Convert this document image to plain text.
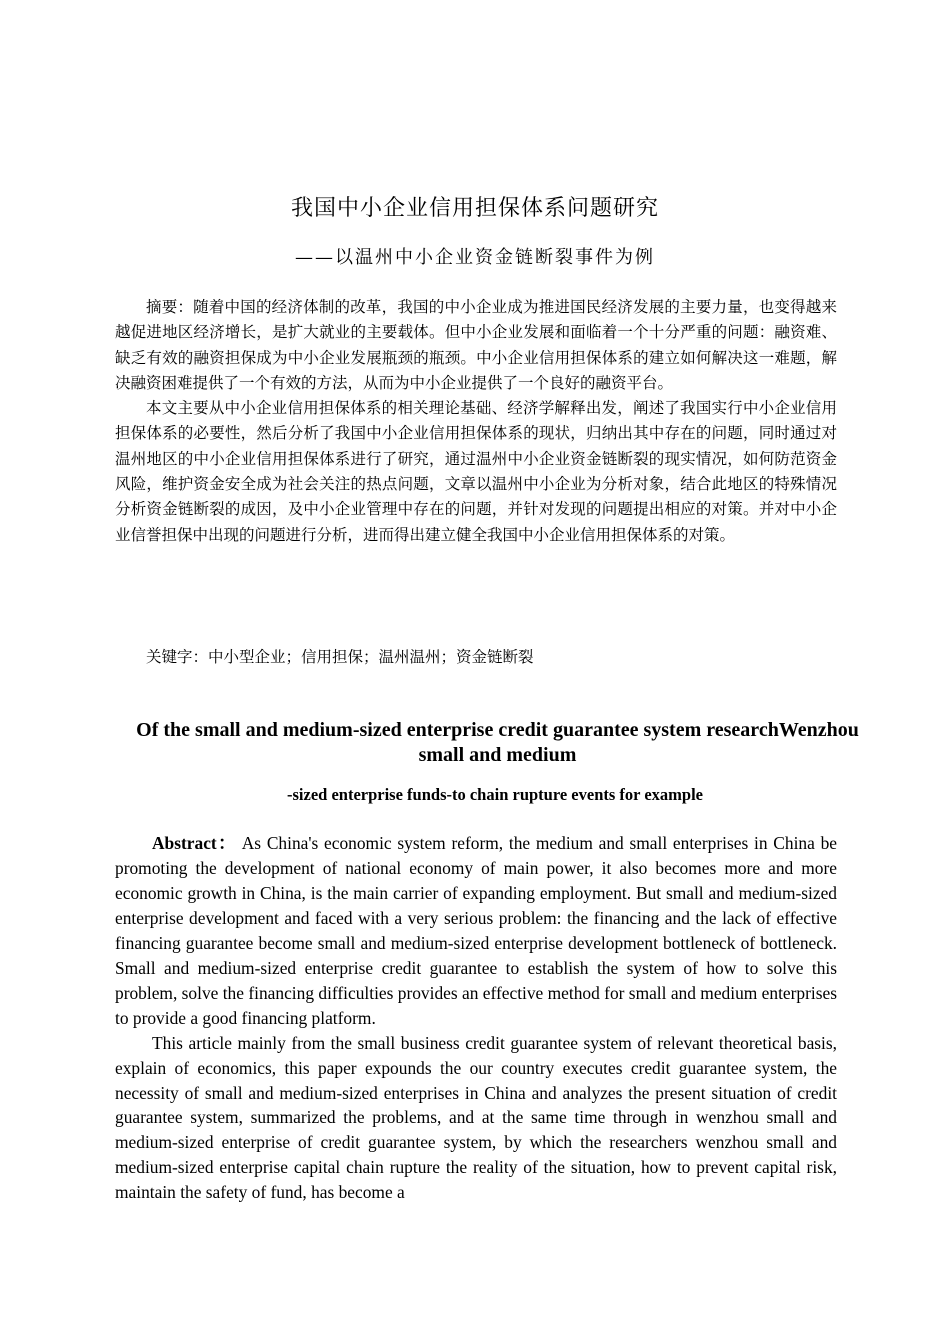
我国中小企业信用担保体系问题研究
——以温州中小企业资金链断裂事件为例

摘要：随着中国的经济体制的改革，我国的中小企业成为推进国民经济发展的主要力量，也变得越来越促进地区经济增长，是扩大就业的主要载体。但中小企业发展和面临着一个十分严重的问题：融资难、缺乏有效的融资担保成为中小企业发展瓶颈的瓶颈。中小企业信用担保体系的建立如何解决这一难题，解决融资困难提供了一个有效的方法，从而为中小企业提供了一个良好的融资平台。

本文主要从中小企业信用担保体系的相关理论基础、经济学解释出发，阐述了我国实行中小企业信用担保体系的必要性，然后分析了我国中小企业信用担保体系的现状，归纳出其中存在的问题，同时通过对温州地区的中小企业信用担保体系进行了研究，通过温州中小企业资金链断裂的现实情况，如何防范资金风险，维护资金安全成为社会关注的热点问题，文章以温州中小企业为分析对象，结合此地区的特殊情况分析资金链断裂的成因，及中小企业管理中存在的问题，并针对发现的问题提出相应的对策。并对中小企业信誉担保中出现的问题进行分析，进而得出建立健全我国中小企业信用担保体系的对策。

关键字：中小型企业；信用担保；温州温州；资金链断裂
Of the small and medium-sized enterprise credit guarantee system researchWenzhou small and medium
-sized enterprise funds-to chain rupture events for example

Abstract： As China's economic system reform, the medium and small enterprises in China be promoting the development of national economy of main power, it also becomes more and more economic growth in China, is the main carrier of expanding employment. But small and medium-sized enterprise development and faced with a very serious problem: the financing and the lack of effective financing guarantee become small and medium-sized enterprise development bottleneck of bottleneck. Small and medium-sized enterprise credit guarantee to establish the system of how to solve this problem, solve the financing difficulties provides an effective method for small and medium enterprises to provide a good financing platform.

This article mainly from the small business credit guarantee system of relevant theoretical basis, explain of economics, this paper expounds the our country executes credit guarantee system, the necessity of small and medium-sized enterprises in China and analyzes the present situation of credit guarantee system, summarized the problems, and at the same time through in wenzhou small and medium-sized enterprise of credit guarantee system, by which the researchers wenzhou small and medium-sized enterprise capital chain rupture the reality of the situation, how to prevent capital risk, maintain the safety of fund, has become a
